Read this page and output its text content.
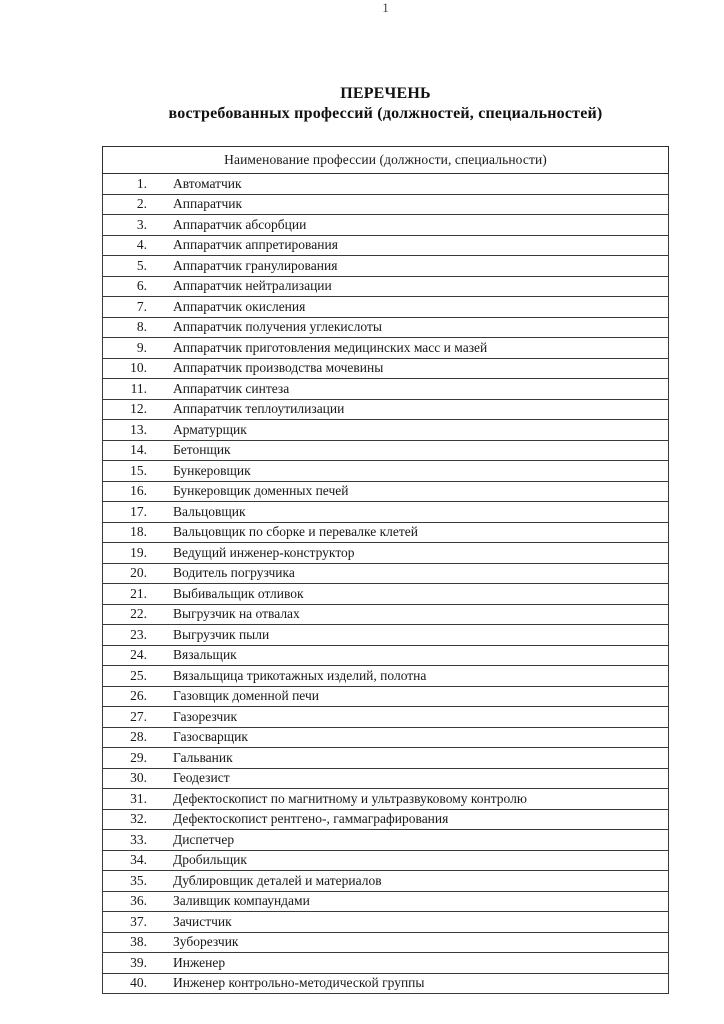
1
ПЕРЕЧЕНЬ
востребованных профессий (должностей, специальностей)
Наименование профессии (должности, специальности)
1. Автоматчик
2. Аппаратчик
3. Аппаратчик абсорбции
4. Аппаратчик аппретирования
5. Аппаратчик гранулирования
6. Аппаратчик нейтрализации
7. Аппаратчик окисления
8. Аппаратчик получения углекислоты
9. Аппаратчик приготовления медицинских масс и мазей
10. Аппаратчик производства мочевины
11. Аппаратчик синтеза
12. Аппаратчик теплоутилизации
13. Арматурщик
14. Бетонщик
15. Бункеровщик
16. Бункеровщик доменных печей
17. Вальцовщик
18. Вальцовщик по сборке и перевалке клетей
19. Ведущий инженер-конструктор
20. Водитель погрузчика
21. Выбивальщик отливок
22. Выгрузчик на отвалах
23. Выгрузчик пыли
24. Вязальщик
25. Вязальщица трикотажных изделий, полотна
26. Газовщик доменной печи
27. Газорезчик
28. Газосварщик
29. Гальваник
30. Геодезист
31. Дефектоскопист по магнитному и ультразвуковому контролю
32. Дефектоскопист рентгено-, гаммаграфирования
33. Диспетчер
34. Дробильщик
35. Дублировщик деталей и материалов
36. Заливщик компаундами
37. Зачистчик
38. Зуборезчик
39. Инженер
40. Инженер контрольно-методической группы
